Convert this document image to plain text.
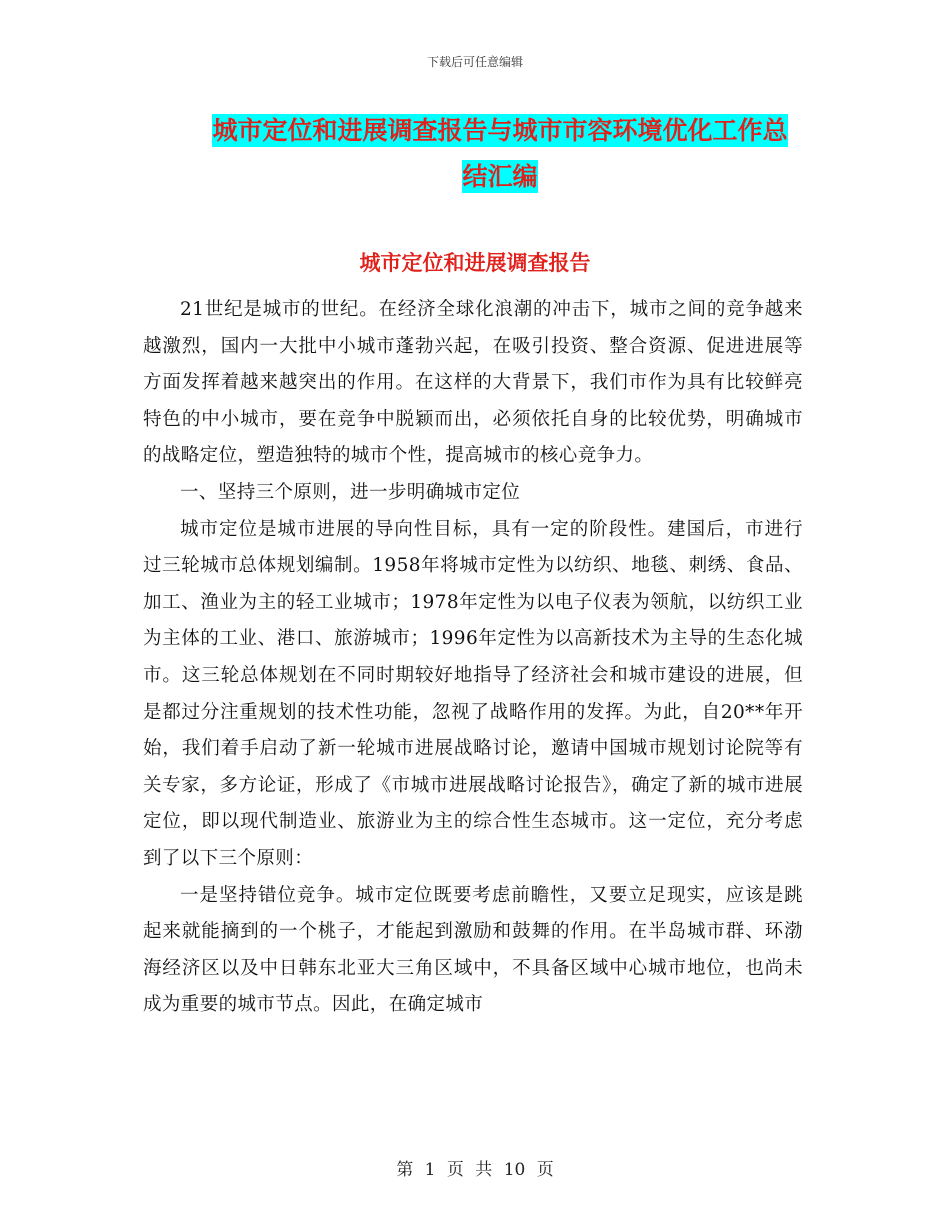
下载后可任意编辑
城市定位和进展调查报告与城市市容环境优化工作总
结汇编
城市定位和进展调查报告

21世纪是城市的世纪。在经济全球化浪潮的冲击下，城市之间的竞争越来越激烈，国内一大批中小城市蓬勃兴起，在吸引投资、整合资源、促进进展等方面发挥着越来越突出的作用。在这样的大背景下，我们市作为具有比较鲜亮特色的中小城市，要在竞争中脱颖而出，必须依托自身的比较优势，明确城市的战略定位，塑造独特的城市个性，提高城市的核心竞争力。

一、坚持三个原则，进一步明确城市定位

城市定位是城市进展的导向性目标，具有一定的阶段性。建国后，市进行过三轮城市总体规划编制。1958年将城市定性为以纺织、地毯、刺绣、食品、加工、渔业为主的轻工业城市；1978年定性为以电子仪表为领航，以纺织工业为主体的工业、港口、旅游城市；1996年定性为以高新技术为主导的生态化城市。这三轮总体规划在不同时期较好地指导了经济社会和城市建设的进展，但是都过分注重规划的技术性功能，忽视了战略作用的发挥。为此，自20**年开始，我们着手启动了新一轮城市进展战略讨论，邀请中国城市规划讨论院等有关专家，多方论证，形成了《市城市进展战略讨论报告》，确定了新的城市进展定位，即以现代制造业、旅游业为主的综合性生态城市。这一定位，充分考虑到了以下三个原则：

一是坚持错位竞争。城市定位既要考虑前瞻性，又要立足现实，应该是跳起来就能摘到的一个桃子，才能起到激励和鼓舞的作用。在半岛城市群、环渤海经济区以及中日韩东北亚大三角区域中，不具备区域中心城市地位，也尚未成为重要的城市节点。因此，在确定城市

第 1 页 共 10 页
